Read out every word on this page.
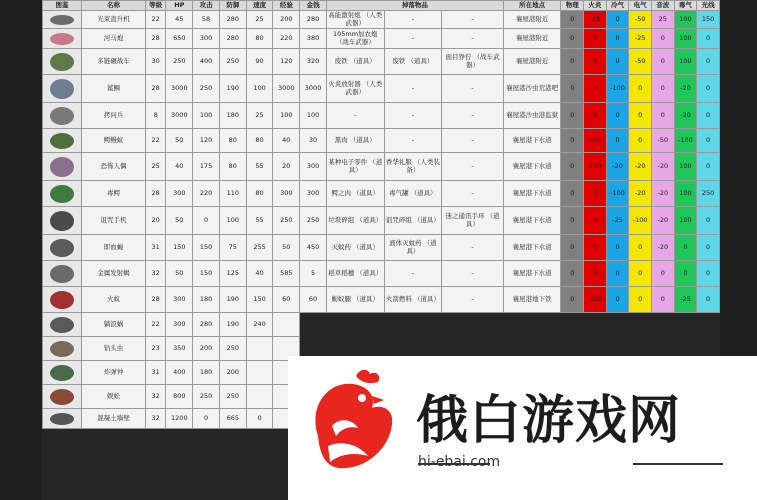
图鉴	名称	等级	HP	攻击	防御	速度	经验	金钱	掉落物品			所在地点	物理	火炎	冷气	电气	音波	毒气	光线

	光束直升机	22	45	58	280	25	200	280	高能激射炮 （人类武器）	-	-	襄屋港附近	0	-25	0	-50	25	100	150

	河马炮	28	650	300	280	80	220	380	105mm加农炮 （战车武器）	-	-	襄屋港附近	0	0	0	-25	0	100	0

	多链碾战车	30	250	400	250	90	120	320	废铁 （道具）	废铁 （道具）	面目狰狞 （战车武器）	襄屋港附近	0	0	0	-50	0	100	0

	鲨鲷	28	3000	250	190	100	3000	3000	火炎放射器 （人类武器）	-	-	襄屋港沙虫荒港吧	0	0	-100	0	0	-20	0

	拷问兵	8	3000	100	180	25	100	100	-	-	-	襄屋港沙虫港监狱	0	0	0	0	0	-20	0

	鳄鳗蚁	22	50	120	80	80	40	30	黑肉 （道具）	-	-	襄屋港下水道	0	-100	0	0	-50	-100	0

	恐怖人偶	25	40	175	80	55	20	300	某种电子零件 （道具）	香华礼服 （人类装备）	-	襄屋港下水道	0	100	-20	-20	-20	100	0

	毒鳄	28	300	220	110	80	300	300	鳄之肉 （道具）	毒气罐 （道具）	-	襄屋港下水道	0	0	-100	-20	-20	100	250

	诅咒手机	20	50	0	100	55	250	250	垃圾碎组 （道具）	诅咒碎组 （道具）	迷之通讯手环 （道具）	襄屋港下水道	0	0	-25	-100	-20	100	0

	即血蝇	31	150	150	75	255	50	450	灭蚊药 （道具）	液体灭蚊药 （道具）	-	襄屋港下水道	0	0	0	0	-20	0	0

	金属发射蝎	32	50	150	125	40	585	5	稻草稻穗 （道具）	-	-	襄屋港下水道	0	0	0	0	0	0	0

	火蚁	28	300	180	190	150	60	60	蛎蚁腿 （道具）	火箭燃料 （道具）	-	襄屋港地下铁	0	-100	0	0	0	-25	0

	躺浪蜗	22	300	280	190	240													

	钻头虫	23	350	200	250														

	炸弹钟	31	400	180	200														

	蜈蚣	32	800	250	250														

	混凝土墙壁	32	1200	0	665	0														俄白游戏网
hi-ebai.com
